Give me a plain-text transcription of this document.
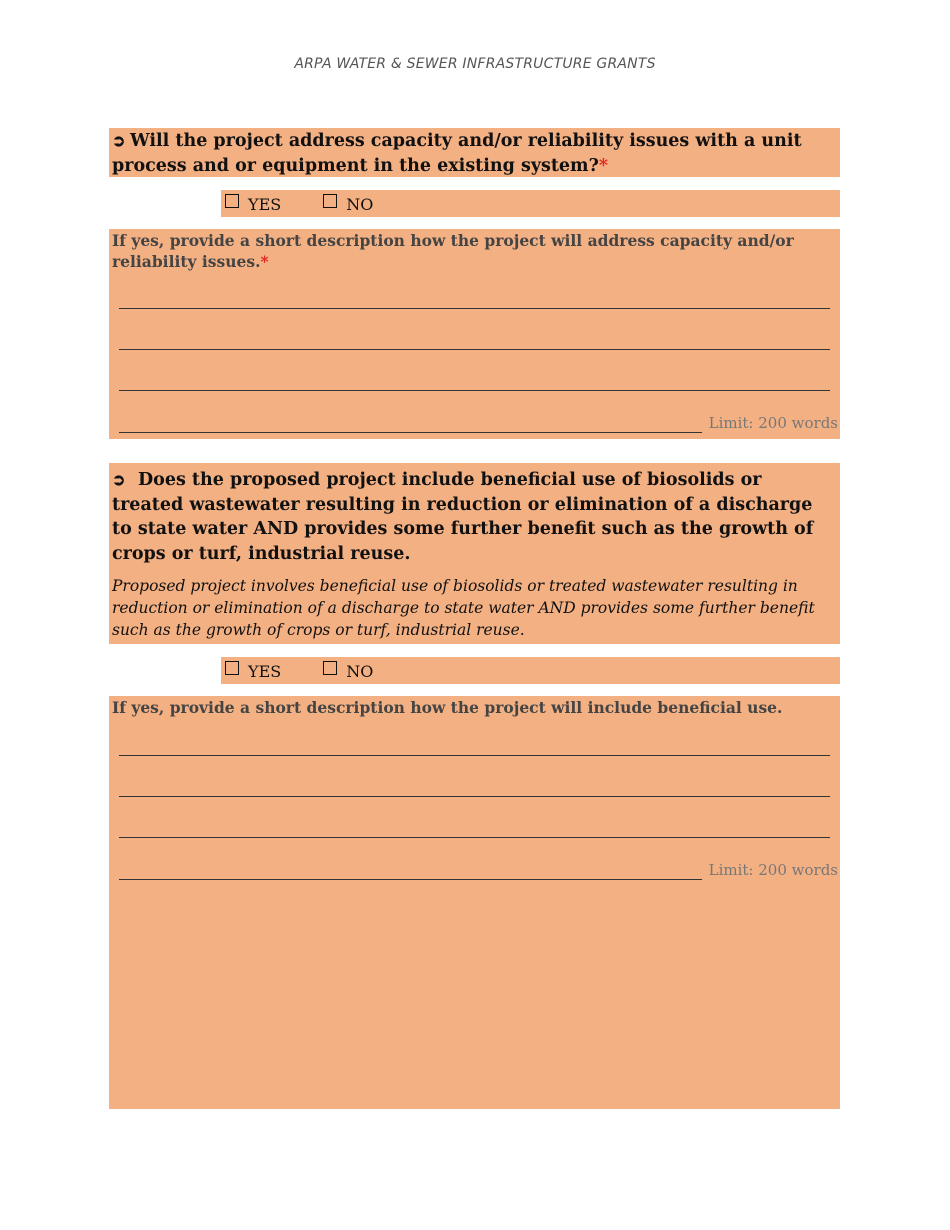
ARPA WATER & SEWER INFRASTRUCTURE GRANTS
➲ Will the project address capacity and/or reliability issues with a unit process and or equipment in the existing system?*
YES	NO
If yes, provide a short description how the project will address capacity and/or reliability issues.*
Limit: 200 words
➲ Does the proposed project include beneficial use of biosolids or treated wastewater resulting in reduction or elimination of a discharge to state water AND provides some further benefit such as the growth of crops or turf, industrial reuse.
Proposed project involves beneficial use of biosolids or treated wastewater resulting in reduction or elimination of a discharge to state water AND provides some further benefit such as the growth of crops or turf, industrial reuse.
YES	NO
If yes, provide a short description how the project will include beneficial use.
Limit: 200 words
